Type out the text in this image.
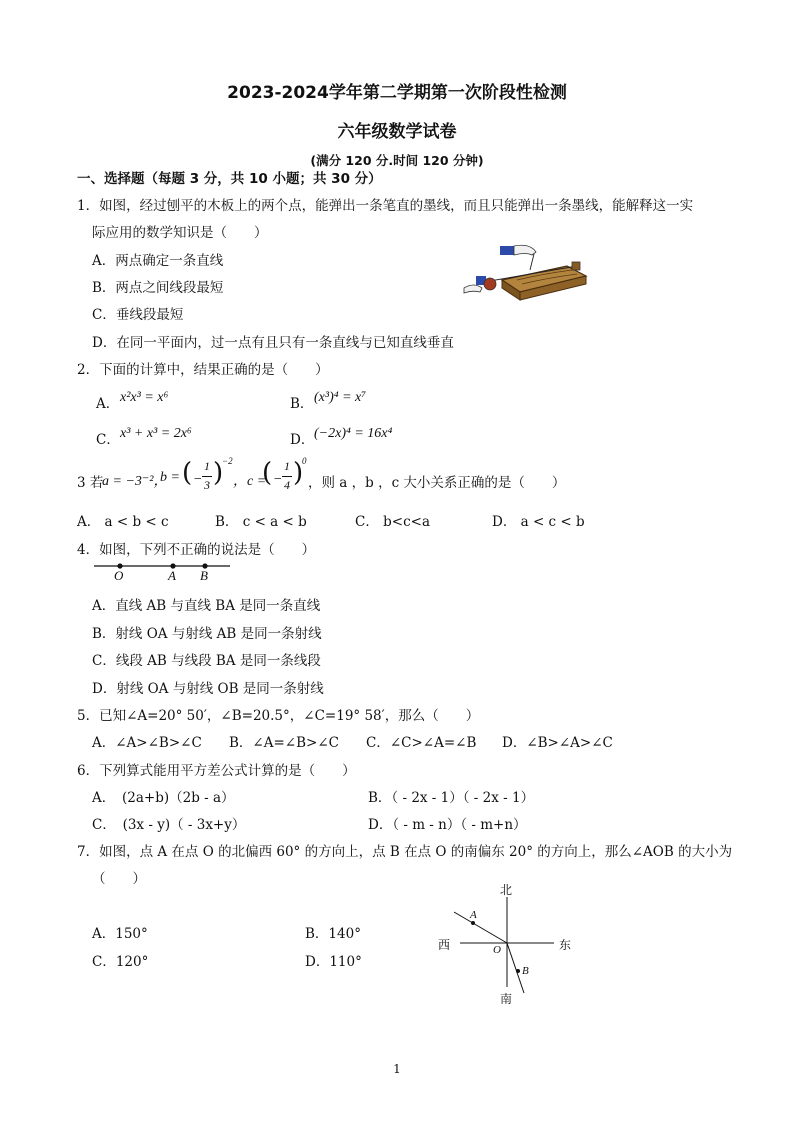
2023-2024学年第二学期第一次阶段性检测
六年级数学试卷
(满分 120 分.时间 120 分钟)
一、选择题（每题 3 分，共 10 小题；共 30 分）
1．如图，经过刨平的木板上的两个点，能弹出一条笔直的墨线，而且只能弹出一条墨线，能解释这一实
际应用的数学知识是（　　）
A．两点确定一条直线
B．两点之间线段最短
C．垂线段最短
D．在同一平面内，过一点有且只有一条直线与已知直线垂直
2．下面的计算中，结果正确的是（　　）
A． x²x³ = x⁶	B． (x³)⁴ = x⁷
C． x³ + x³ = 2x⁶	D． (−2x)⁴ = 16x⁴
3 若
a = −3⁻²，
b = ( −
1
3 )
−2
，c =
( −
1
4 )
0
，则 a ，b ，c 大小关系正确的是（　　）
A． a < b < c	B． c < a < b	C． b<c<a	D． a < c < b
4．如图，下列不正确的说法是（　　）
O	A B
A．直线 AB 与直线 BA 是同一条直线
B．射线 OA 与射线 AB 是同一条射线
C．线段 AB 与线段 BA 是同一条线段
D．射线 OA 与射线 OB 是同一条射线
5．已知∠A=20° 50′，∠B=20.5°，∠C=19° 58′，那么（　　）
A．∠A>∠B>∠C B．∠A=∠B>∠C C．∠C>∠A=∠B D．∠B>∠A>∠C
6．下列算式能用平方差公式计算的是（　　）
A．　(2a+b)（2b - a）	B．（ - 2x - 1）（ - 2x - 1）
C．　(3x - y)（ - 3x+y）	D．（ - m - n）（ - m+n）
7．如图，点 A 在点 O 的北偏西 60° 的方向上，点 B 在点 O 的南偏东 20° 的方向上，那么∠AOB 的大小为
（　　）
A．150°	B．140°
C．120°	D．110°
北
南
东
西	O
A
B
1
